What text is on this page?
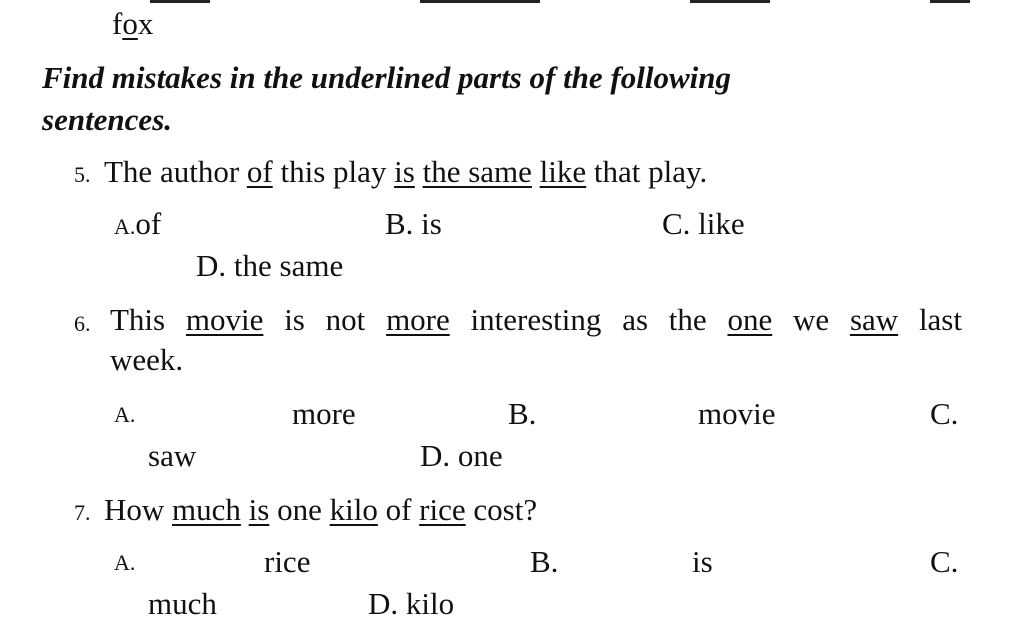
fox
Find mistakes in the underlined parts of the following
sentences.
5. The author of this play is the same like that play.
A.of	B. is	C. like
D. the same
6. This movie is not more interesting as the one we saw last
week.
A.	more	B.	movie	C.
saw	D. one
7. How much is one kilo of rice cost?
A.	rice	B.	is	C.
much	D. kilo
